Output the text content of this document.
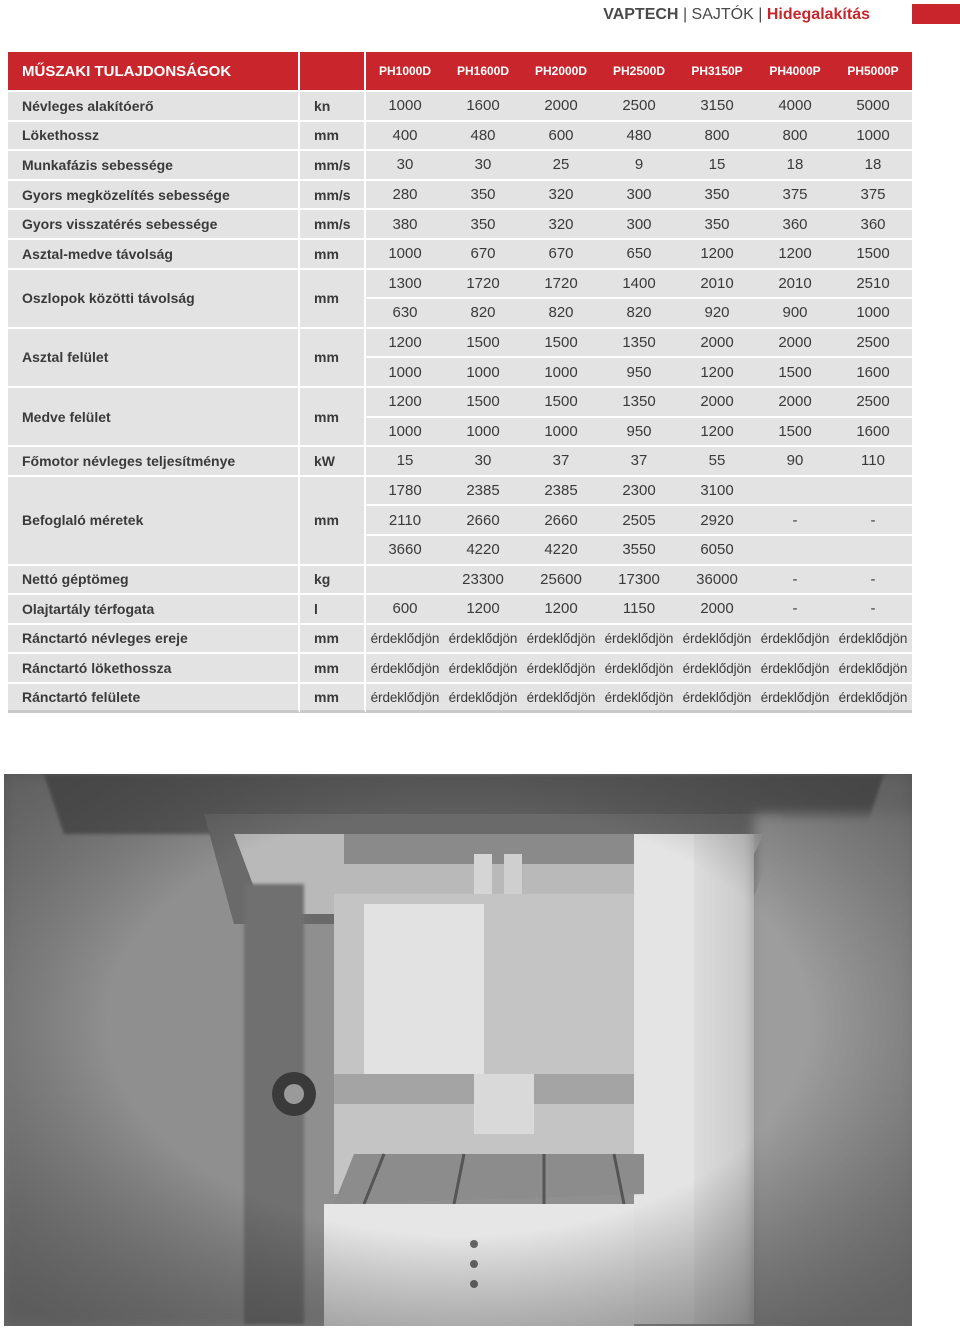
VAPTECH | SAJTÓK | Hidegalakítás
MŰSZAKI TULAJDONSÁGOK		PH1000D	PH1600D	PH2000D	PH2500D	PH3150P	PH4000P	PH5000P
Névleges alakítóerő	kn	1000	1600	2000	2500	3150	4000	5000
Lökethossz	mm	400	480	600	480	800	800	1000
Munkafázis sebessége	mm/s	30	30	25	9	15	18	18
Gyors megközelítés sebessége	mm/s	280	350	320	300	350	375	375
Gyors visszatérés sebessége	mm/s	380	350	320	300	350	360	360
Asztal-medve távolság	mm	1000	670	670	650	1200	1200	1500
Oszlopok közötti távolság	mm	1300	1720	1720	1400	2010	2010	2510
		630	820	820	820	920	900	1000
Asztal felület	mm	1200	1500	1500	1350	2000	2000	2500
		1000	1000	1000	950	1200	1500	1600
Medve felület	mm	1200	1500	1500	1350	2000	2000	2500
		1000	1000	1000	950	1200	1500	1600
Főmotor névleges teljesítménye	kW	15	30	37	37	55	90	110
Befoglaló méretek	mm	1780	2385	2385	2300	3100		
		2110	2660	2660	2505	2920	-	-
		3660	4220	4220	3550	6050		
Nettó géptömeg	kg		23300	25600	17300	36000	-	-
Olajtartály térfogata	l	600	1200	1200	1150	2000	-	-
Ránctartó névleges ereje	mm	érdeklődjön	érdeklődjön	érdeklődjön	érdeklődjön	érdeklődjön	érdeklődjön	érdeklődjön
Ránctartó lökethossza	mm	érdeklődjön	érdeklődjön	érdeklődjön	érdeklődjön	érdeklődjön	érdeklődjön	érdeklődjön
Ránctartó felülete	mm	érdeklődjön	érdeklődjön	érdeklődjön	érdeklődjön	érdeklődjön	érdeklődjön	érdeklődjön
